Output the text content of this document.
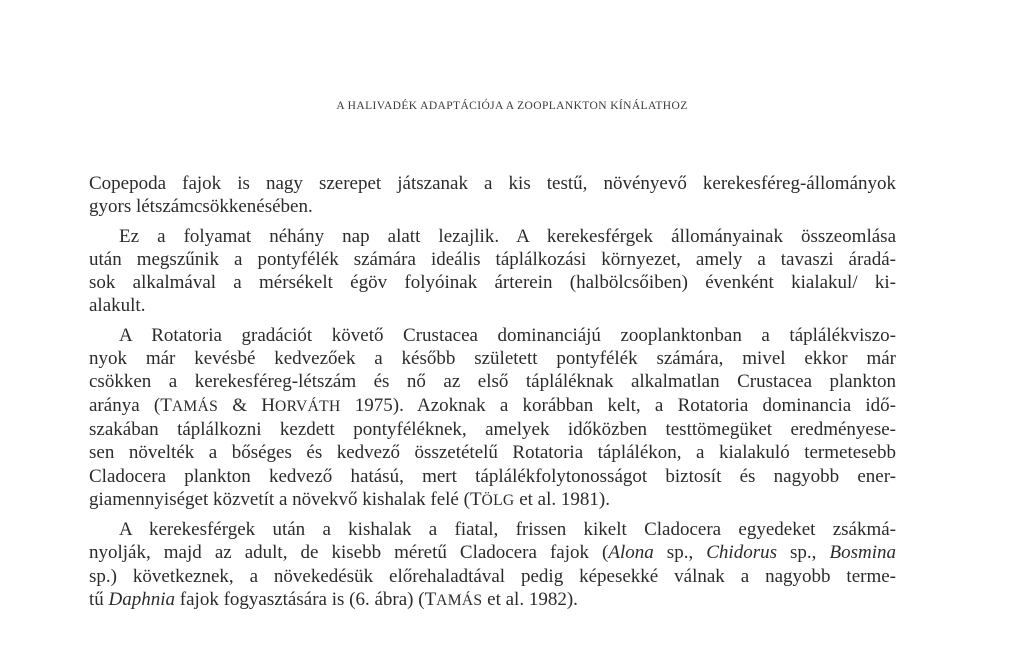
A HALIVADÉK ADAPTÁCIÓJA A ZOOPLANKTON KÍNÁLATHOZ
Copepoda fajok is nagy szerepet játszanak a kis testű, növényevő kerekesféreg-állományok
gyors létszámcsökkenésében.
Ez a folyamat néhány nap alatt lezajlik. A kerekesférgek állományainak összeomlása
után megszűnik a pontyfélék számára ideális táplálkozási környezet, amely a tavaszi áradá-
sok alkalmával a mérsékelt égöv folyóinak árterein (halbölcsőiben) évenként kialakul/ ki-
alakult.
A Rotatoria gradációt követő Crustacea dominanciájú zooplanktonban a táplálékviszo-
nyok már kevésbé kedvezőek a később született pontyfélék számára, mivel ekkor már
csökken a kerekesféreg-létszám és nő az első tápláléknak alkalmatlan Crustacea plankton
aránya (TAMÁS & HORVÁTH 1975). Azoknak a korábban kelt, a Rotatoria dominancia idő-
szakában táplálkozni kezdett pontyféléknek, amelyek időközben testtömegüket eredményese-
sen növelték a bőséges és kedvező összetételű Rotatoria táplálékon, a kialakuló termetesebb
Cladocera plankton kedvező hatású, mert táplálékfolytonosságot biztosít és nagyobb ener-
giamennyiséget közvetít a növekvő kishalak felé (TÖLG et al. 1981).
A kerekesférgek után a kishalak a fiatal, frissen kikelt Cladocera egyedeket zsákmá-
nyolják, majd az adult, de kisebb méretű Cladocera fajok (Alona sp., Chidorus sp., Bosmina
sp.) következnek, a növekedésük előrehaladtával pedig képesekké válnak a nagyobb terme-
tű Daphnia fajok fogyasztására is (6. ábra) (TAMÁS et al. 1982).
